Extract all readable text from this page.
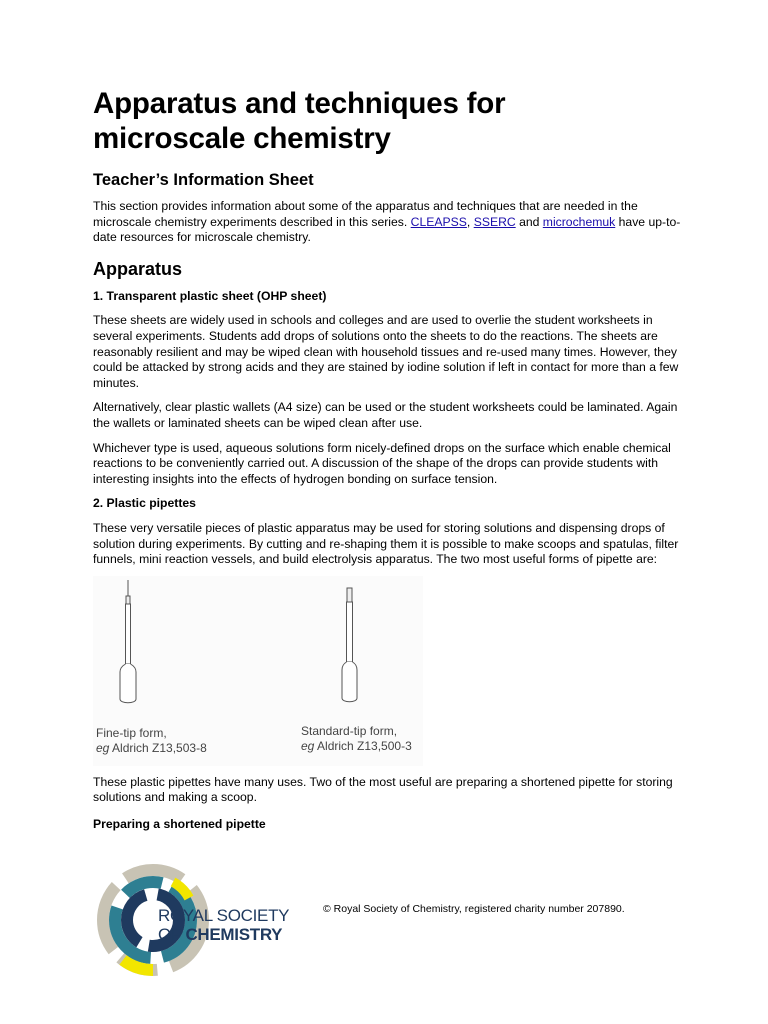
Apparatus and techniques for
microscale chemistry
Teacher’s Information Sheet

This section provides information about some of the apparatus and techniques that are needed in the microscale chemistry experiments described in this series. CLEAPSS, SSERC and microchemuk have up-to-date resources for microscale chemistry.

Apparatus

1. Transparent plastic sheet (OHP sheet)

These sheets are widely used in schools and colleges and are used to overlie the student worksheets in several experiments. Students add drops of solutions onto the sheets to do the reactions. The sheets are reasonably resilient and may be wiped clean with household tissues and re-used many times. However, they could be attacked by strong acids and they are stained by iodine solution if left in contact for more than a few minutes.

Alternatively, clear plastic wallets (A4 size) can be used or the student worksheets could be laminated. Again the wallets or laminated sheets can be wiped clean after use.

Whichever type is used, aqueous solutions form nicely-defined drops on the surface which enable chemical reactions to be conveniently carried out. A discussion of the shape of the drops can provide students with interesting insights into the effects of hydrogen bonding on surface tension.

2. Plastic pipettes

These very versatile pieces of plastic apparatus may be used for storing solutions and dispensing drops of solution during experiments. By cutting and re-shaping them it is possible to make scoops and spatulas, filter funnels, mini reaction vessels, and build electrolysis apparatus. The two most useful forms of pipette are:

Fine-tip form,
eg Aldrich Z13,503-8
Standard-tip form,
eg Aldrich Z13,500-3

These plastic pipettes have many uses. Two of the most useful are preparing a shortened pipette for storing solutions and making a scoop.

Preparing a shortened pipette

ROYAL SOCIETY
OF CHEMISTRY
© Royal Society of Chemistry, registered charity number 207890.
